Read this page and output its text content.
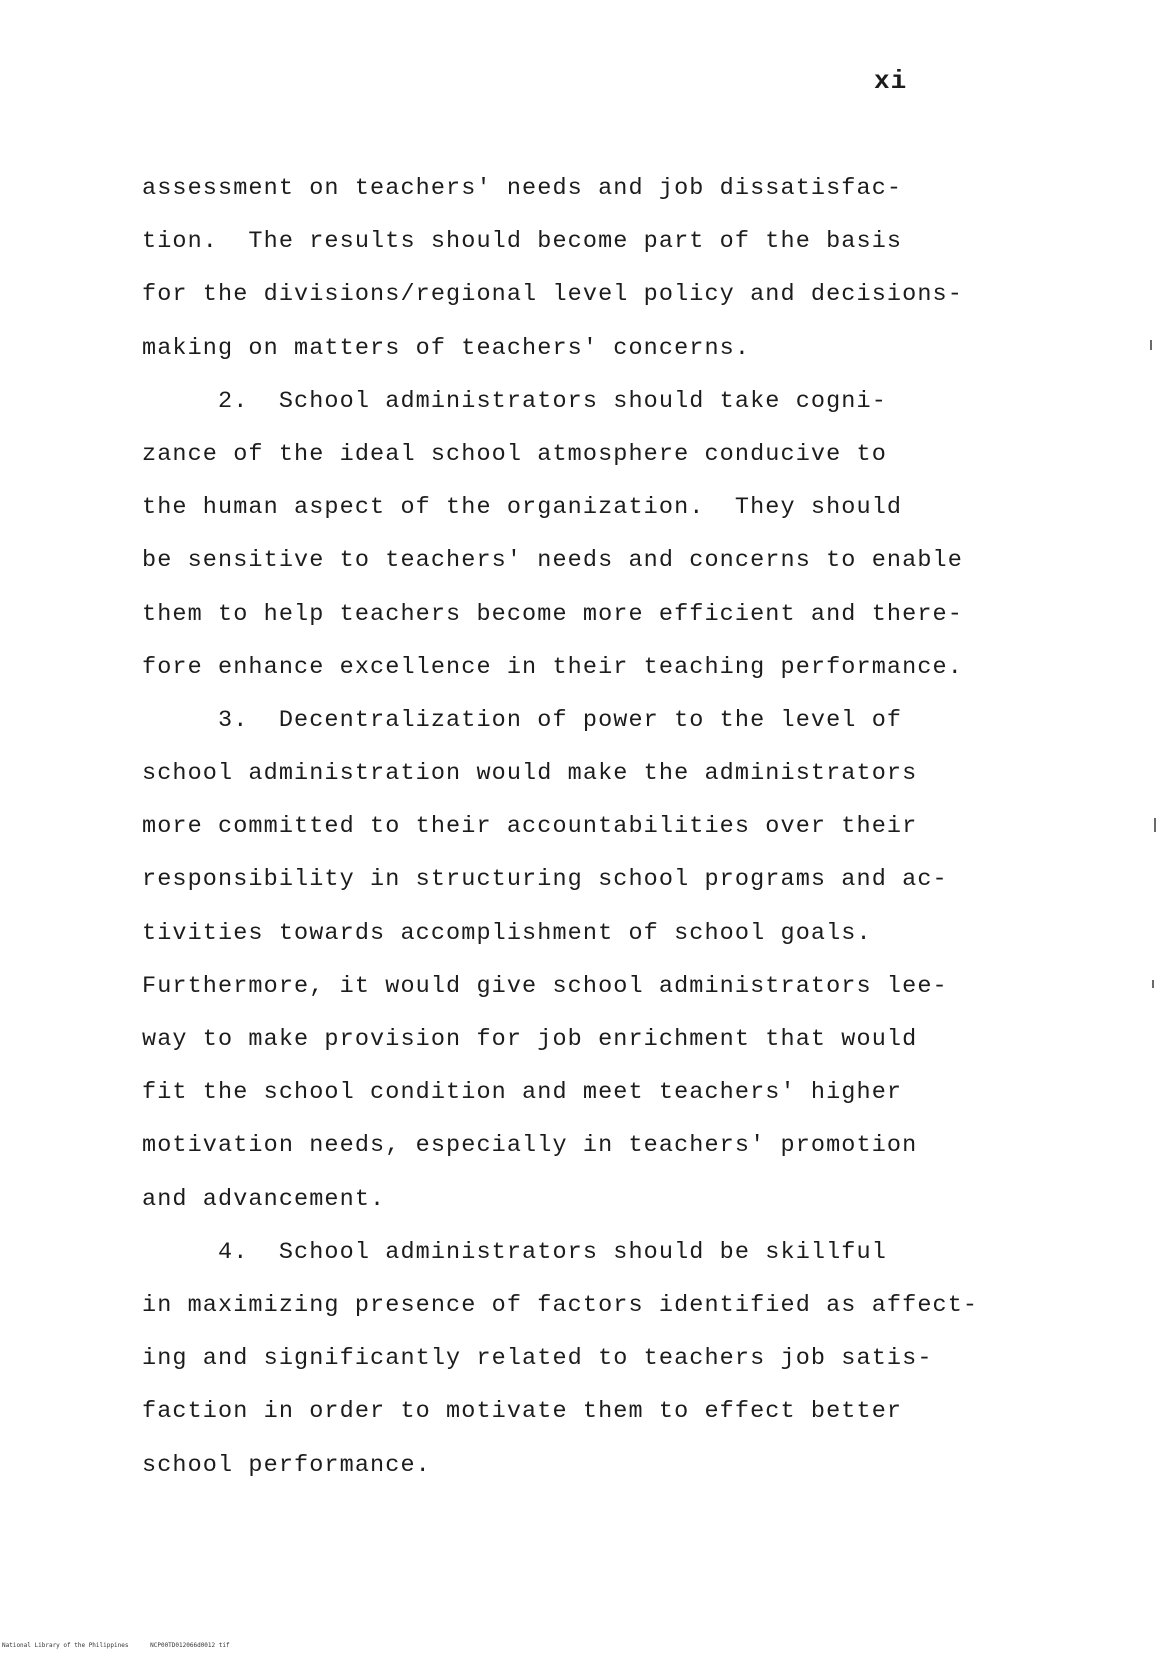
xi
assessment on teachers' needs and job dissatisfac-
tion.  The results should become part of the basis
for the divisions/regional level policy and decisions-
making on matters of teachers' concerns.
2.  School administrators should take cogni-
zance of the ideal school atmosphere conducive to
the human aspect of the organization.  They should
be sensitive to teachers' needs and concerns to enable
them to help teachers become more efficient and there-
fore enhance excellence in their teaching performance.
3.  Decentralization of power to the level of
school administration would make the administrators
more committed to their accountabilities over their
responsibility in structuring school programs and ac-
tivities towards accomplishment of school goals.
Furthermore, it would give school administrators lee-
way to make provision for job enrichment that would
fit the school condition and meet teachers' higher
motivation needs, especially in teachers' promotion
and advancement.
4.  School administrators should be skillful
in maximizing presence of factors identified as affect-
ing and significantly related to teachers job satis-
faction in order to motivate them to effect better
school performance.
National Library of the Philippines	NCP00TD012066d0012 tif
